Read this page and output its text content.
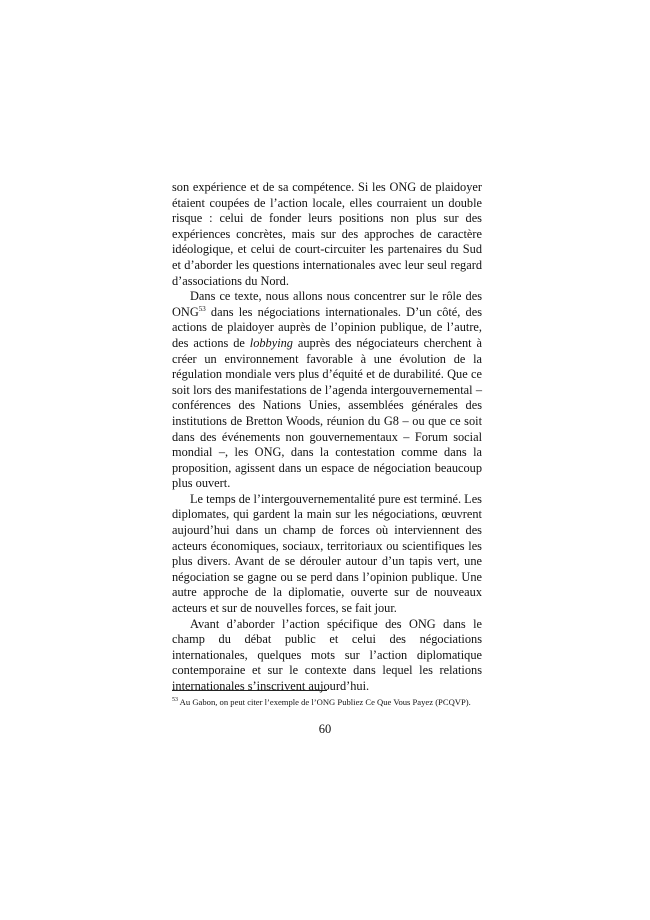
son expérience et de sa compétence. Si les ONG de plaidoyer étaient coupées de l’action locale, elles courraient un double risque : celui de fonder leurs positions non plus sur des expériences concrètes, mais sur des approches de caractère idéologique, et celui de court-circuiter les partenaires du Sud et d’aborder les questions internationales avec leur seul regard d’associations du Nord.

Dans ce texte, nous allons nous concentrer sur le rôle des ONG$^{53}$ dans les négociations internationales. D’un côté, des actions de plaidoyer auprès de l’opinion publique, de l’autre, des actions de lobbying auprès des négociateurs cherchent à créer un environnement favorable à une évolution de la régulation mondiale vers plus d’équité et de durabilité. Que ce soit lors des manifestations de l’agenda intergouvernemental – conférences des Nations Unies, assemblées générales des institutions de Bretton Woods, réunion du G8 – ou que ce soit dans des événements non gouvernementaux – Forum social mondial –, les ONG, dans la contestation comme dans la proposition, agissent dans un espace de négociation beaucoup plus ouvert.

Le temps de l’intergouvernementalité pure est terminé. Les diplomates, qui gardent la main sur les négociations, œuvrent aujourd’hui dans un champ de forces où interviennent des acteurs économiques, sociaux, territoriaux ou scientifiques les plus divers. Avant de se dérouler autour d’un tapis vert, une négociation se gagne ou se perd dans l’opinion publique. Une autre approche de la diplomatie, ouverte sur de nouveaux acteurs et sur de nouvelles forces, se fait jour.

Avant d’aborder l’action spécifique des ONG dans le champ du débat public et celui des négociations internationales, quelques mots sur l’action diplomatique contemporaine et sur le contexte dans lequel les relations internationales s’inscrivent aujourd’hui.

$^{53}$ Au Gabon, on peut citer l’exemple de l’ONG Publiez Ce Que Vous Payez (PCQVP).
60
